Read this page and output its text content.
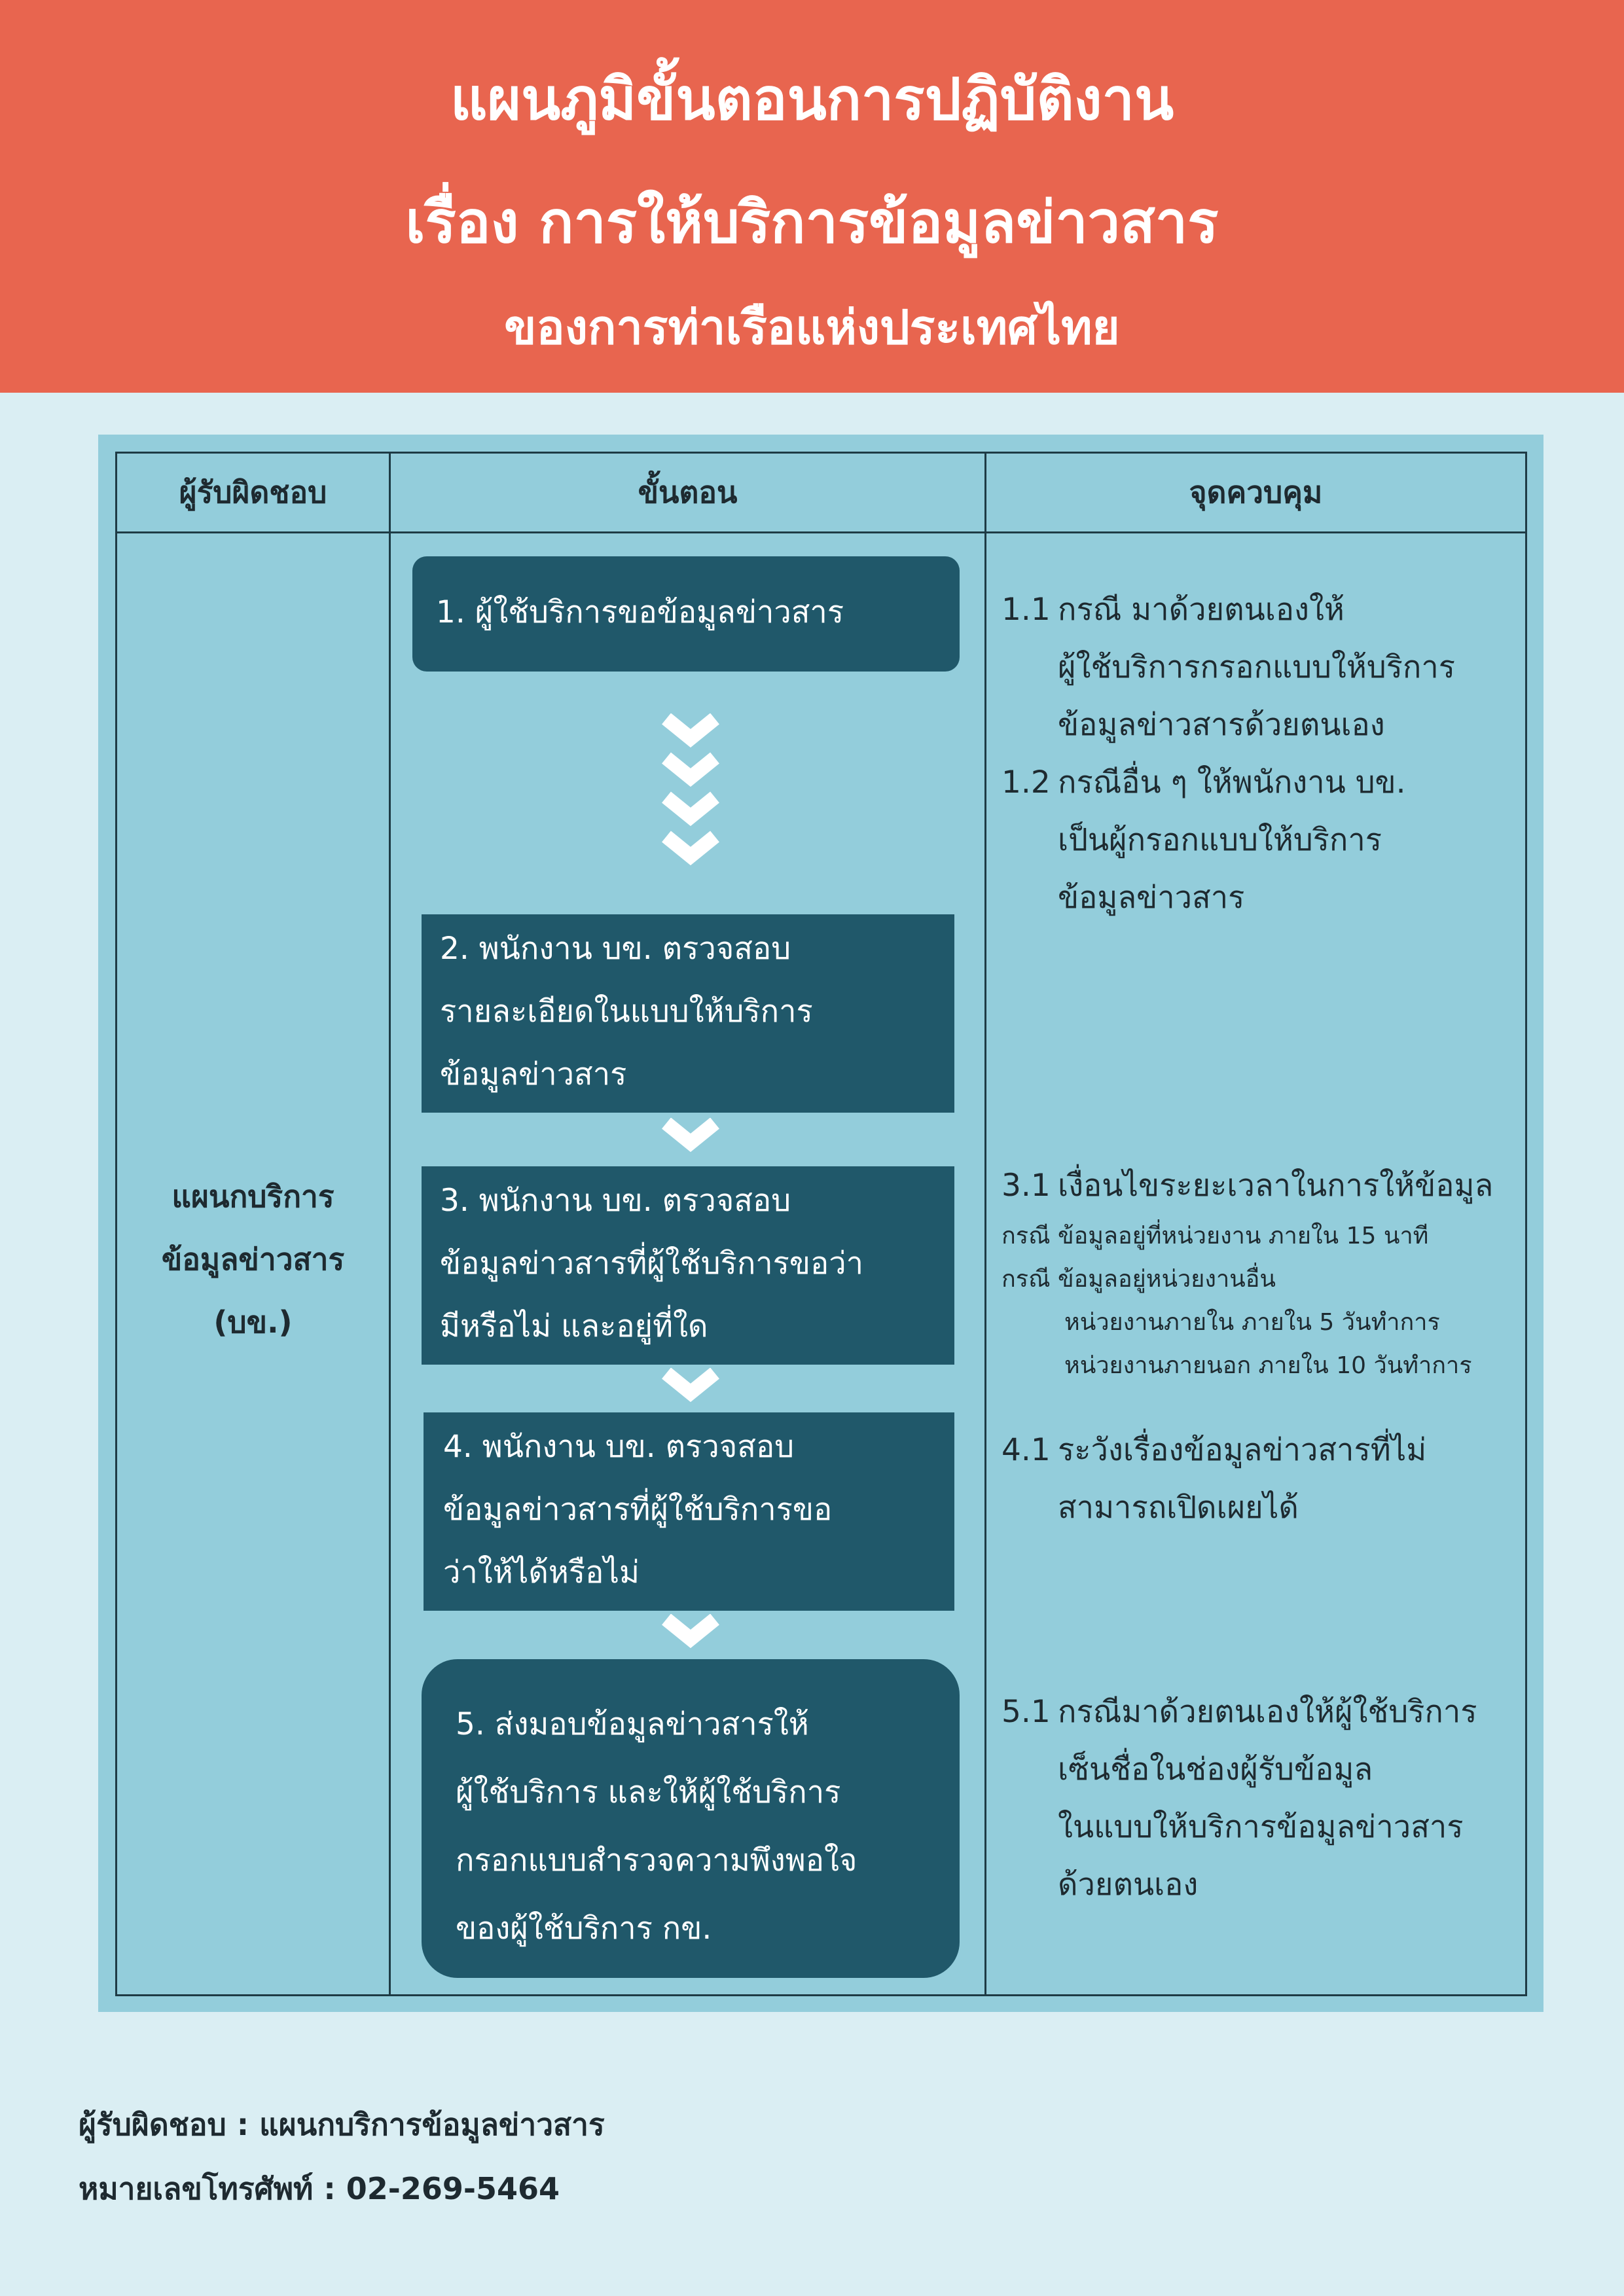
แผนภูมิขั้นตอนการปฏิบัติงาน
เรื่อง การให้บริการข้อมูลข่าวสาร
ของการท่าเรือแห่งประเทศไทย
ผู้รับผิดชอบ	ขั้นตอน	จุดควบคุม
แผนกบริการ
ข้อมูลข่าวสาร
(บข.)
1. ผู้ใช้บริการขอข้อมูลข่าวสาร
2. พนักงาน บข. ตรวจสอบ
รายละเอียดในแบบให้บริการ
ข้อมูลข่าวสาร
3. พนักงาน บข. ตรวจสอบ
ข้อมูลข่าวสารที่ผู้ใช้บริการขอว่า
มีหรือไม่ และอยู่ที่ใด
4. พนักงาน บข. ตรวจสอบ
ข้อมูลข่าวสารที่ผู้ใช้บริการขอ
ว่าให้ได้หรือไม่
5. ส่งมอบข้อมูลข่าวสารให้
ผู้ใช้บริการ และให้ผู้ใช้บริการ
กรอกแบบสำรวจความพึงพอใจ
ของผู้ใช้บริการ กข.
1.1 กรณี มาด้วยตนเองให้
ผู้ใช้บริการกรอกแบบให้บริการ
ข้อมูลข่าวสารด้วยตนเอง
1.2 กรณีอื่น ๆ ให้พนักงาน บข.
เป็นผู้กรอกแบบให้บริการ
ข้อมูลข่าวสาร
3.1 เงื่อนไขระยะเวลาในการให้ข้อมูล
กรณี ข้อมูลอยู่ที่หน่วยงาน ภายใน 15 นาที
กรณี ข้อมูลอยู่หน่วยงานอื่น
หน่วยงานภายใน ภายใน 5 วันทำการ
หน่วยงานภายนอก ภายใน 10 วันทำการ
4.1 ระวังเรื่องข้อมูลข่าวสารที่ไม่
สามารถเปิดเผยได้
5.1 กรณีมาด้วยตนเองให้ผู้ใช้บริการ
เซ็นชื่อในช่องผู้รับข้อมูล
ในแบบให้บริการข้อมูลข่าวสาร
ด้วยตนเอง
ผู้รับผิดชอบ : แผนกบริการข้อมูลข่าวสาร
หมายเลขโทรศัพท์ : 02-269-5464
